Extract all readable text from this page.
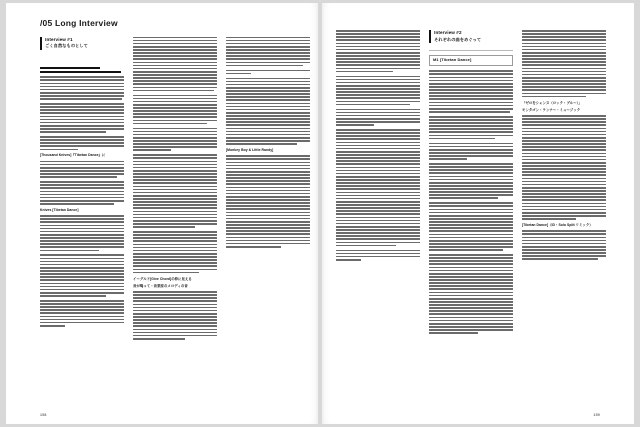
/05 Long Interview
Interview #1
ごく自然なものとして
[Thousand Knives]『Tibetan Dance』に
Knives [Tibetan Dance]
イーグルド[Give Chord]の枠に見える
音が鳴って・音楽家のメロディの音
[Monkey Boy & Little Randy]
158
Interview #2
それぞれの曲をめぐって
M1 [Tibetan Dance]
「ゼロをシェンヌ（ロック・ブルー）」
モンタゴン・ランナー・ミュージック
[Tibetan Dance]（ID・Solo Split リミック）
159
